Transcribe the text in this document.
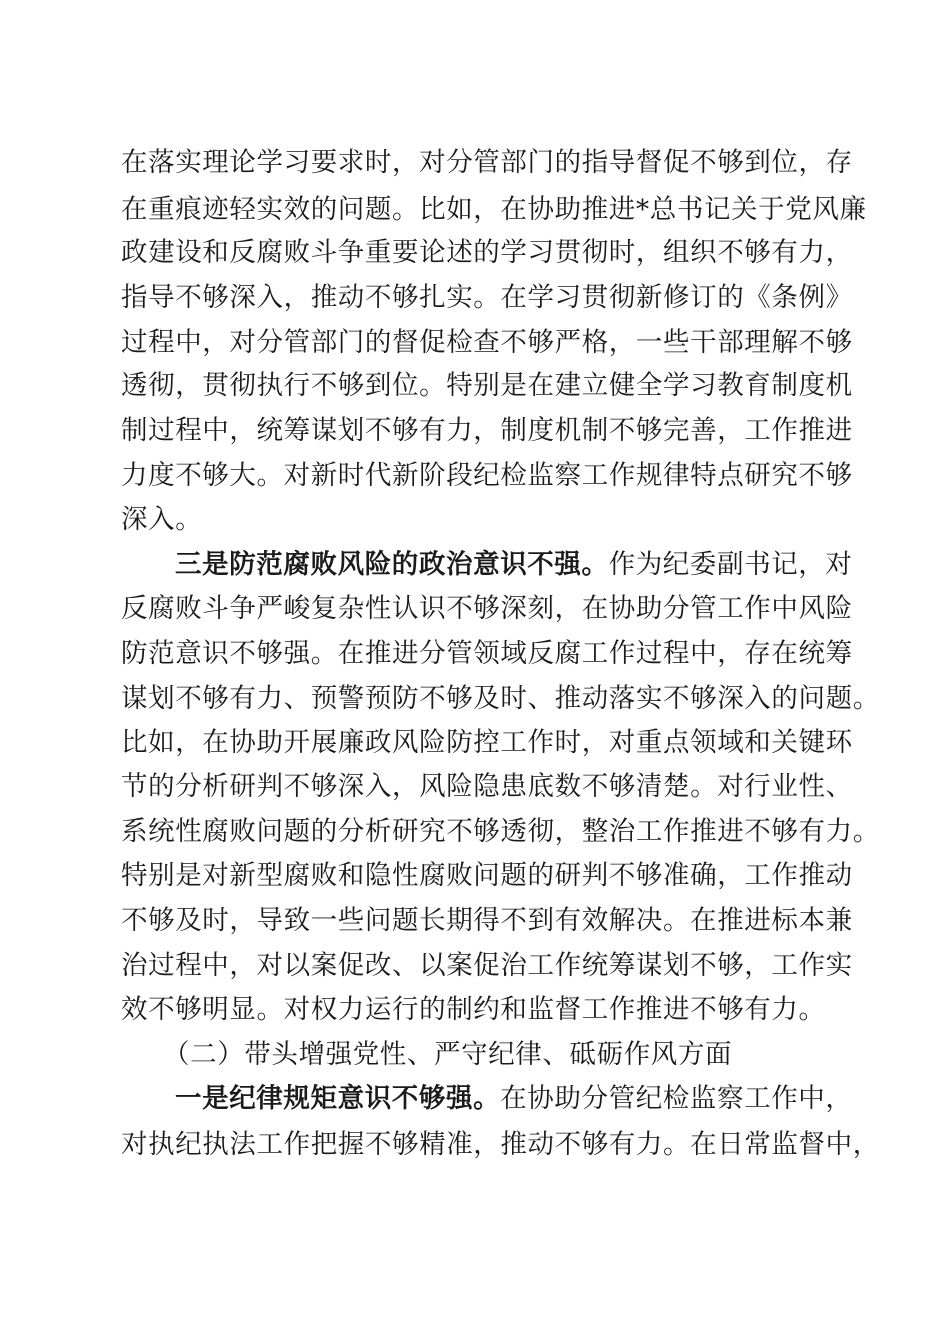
在落实理论学习要求时，对分管部门的指导督促不够到位，存
在重痕迹轻实效的问题。比如，在协助推进*总书记关于党风廉
政建设和反腐败斗争重要论述的学习贯彻时，组织不够有力，
指导不够深入，推动不够扎实。在学习贯彻新修订的《条例》
过程中，对分管部门的督促检查不够严格，一些干部理解不够
透彻，贯彻执行不够到位。特别是在建立健全学习教育制度机
制过程中，统筹谋划不够有力，制度机制不够完善，工作推进
力度不够大。对新时代新阶段纪检监察工作规律特点研究不够
深入。
三是防范腐败风险的政治意识不强。作为纪委副书记，对
反腐败斗争严峻复杂性认识不够深刻，在协助分管工作中风险
防范意识不够强。在推进分管领域反腐工作过程中，存在统筹
谋划不够有力、预警预防不够及时、推动落实不够深入的问题。
比如，在协助开展廉政风险防控工作时，对重点领域和关键环
节的分析研判不够深入，风险隐患底数不够清楚。对行业性、
系统性腐败问题的分析研究不够透彻，整治工作推进不够有力。
特别是对新型腐败和隐性腐败问题的研判不够准确，工作推动
不够及时，导致一些问题长期得不到有效解决。在推进标本兼
治过程中，对以案促改、以案促治工作统筹谋划不够，工作实
效不够明显。对权力运行的制约和监督工作推进不够有力。
（二）带头增强党性、严守纪律、砥砺作风方面
一是纪律规矩意识不够强。在协助分管纪检监察工作中，
对执纪执法工作把握不够精准，推动不够有力。在日常监督中，
